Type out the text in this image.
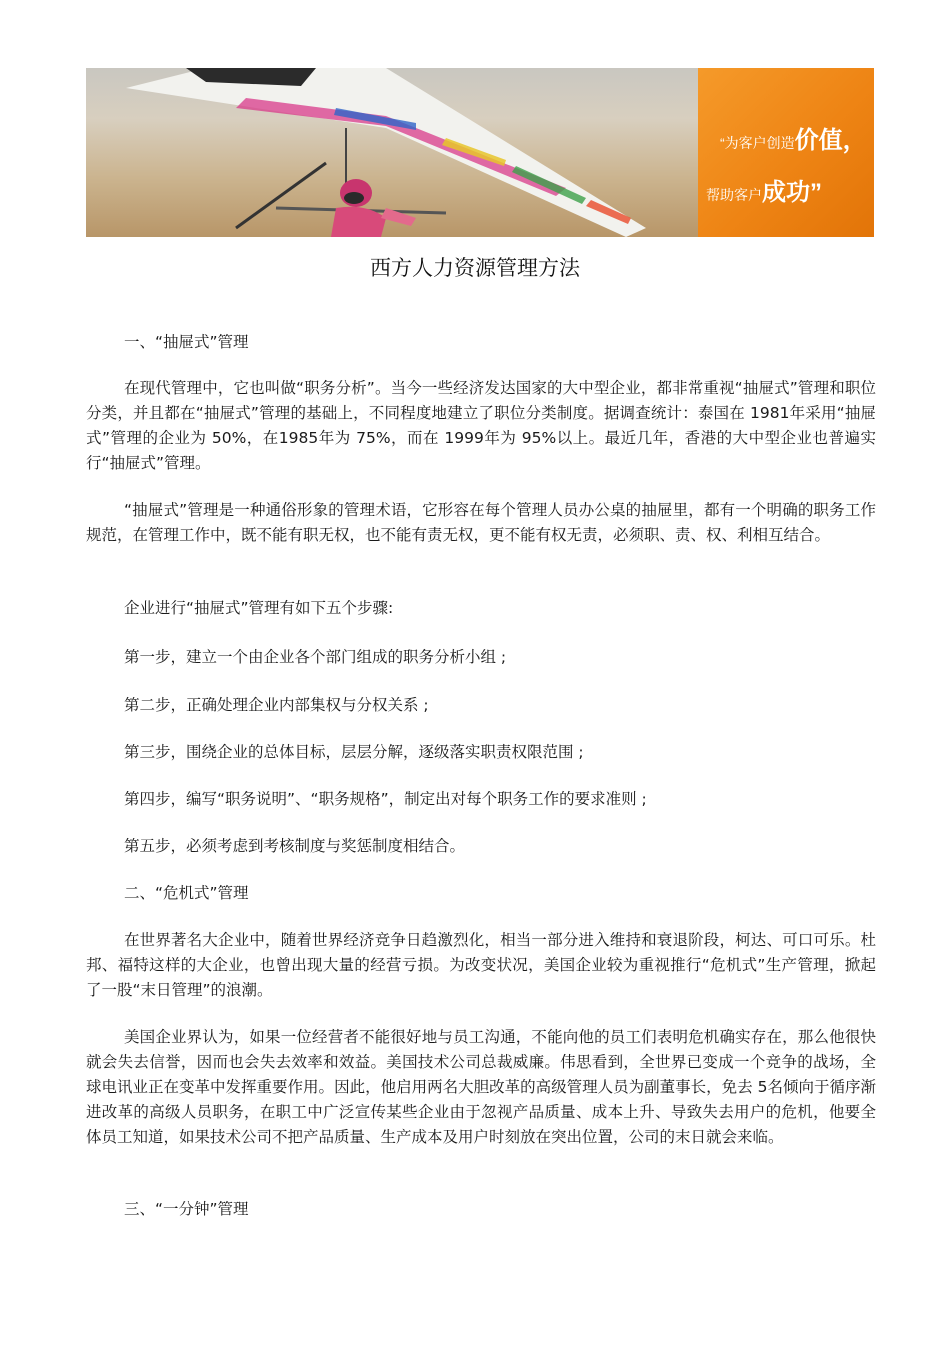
“为客户创造价值，
帮助客户成功”
西方人力资源管理方法

一、“抽屉式”管理

在现代管理中，它也叫做“职务分析”。当今一些经济发达国家的大中型企业，都非常重视“抽屉式”管理和职位分类，并且都在“抽屉式”管理的基础上，不同程度地建立了职位分类制度。据调查统计：泰国在 1981年采用“抽屉式”管理的企业为 50%，在1985年为 75%，而在 1999年为 95%以上。最近几年，香港的大中型企业也普遍实行“抽屉式”管理。

“抽屉式”管理是一种通俗形象的管理术语，它形容在每个管理人员办公桌的抽屉里，都有一个明确的职务工作规范，在管理工作中，既不能有职无权，也不能有责无权，更不能有权无责，必须职、责、权、利相互结合。

企业进行“抽屉式”管理有如下五个步骤:

第一步，建立一个由企业各个部门组成的职务分析小组 ;

第二步，正确处理企业内部集权与分权关系 ;

第三步，围绕企业的总体目标，层层分解，逐级落实职责权限范围 ;

第四步，编写“职务说明”、“职务规格”，制定出对每个职务工作的要求准则 ;

第五步，必须考虑到考核制度与奖惩制度相结合。

二、“危机式”管理

在世界著名大企业中，随着世界经济竞争日趋激烈化，相当一部分进入维持和衰退阶段，柯达、可口可乐。杜邦、福特这样的大企业，也曾出现大量的经营亏损。为改变状况，美国企业较为重视推行“危机式”生产管理，掀起了一股“末日管理”的浪潮。

美国企业界认为，如果一位经营者不能很好地与员工沟通，不能向他的员工们表明危机确实存在，那么他很快就会失去信誉，因而也会失去效率和效益。美国技术公司总裁威廉。伟思看到，全世界已变成一个竞争的战场，全球电讯业正在变革中发挥重要作用。因此，他启用两名大胆改革的高级管理人员为副董事长，免去 5名倾向于循序渐进改革的高级人员职务，在职工中广泛宣传某些企业由于忽视产品质量、成本上升、导致失去用户的危机，他要全体员工知道，如果技术公司不把产品质量、生产成本及用户时刻放在突出位置，公司的末日就会来临。

三、“一分钟”管理
